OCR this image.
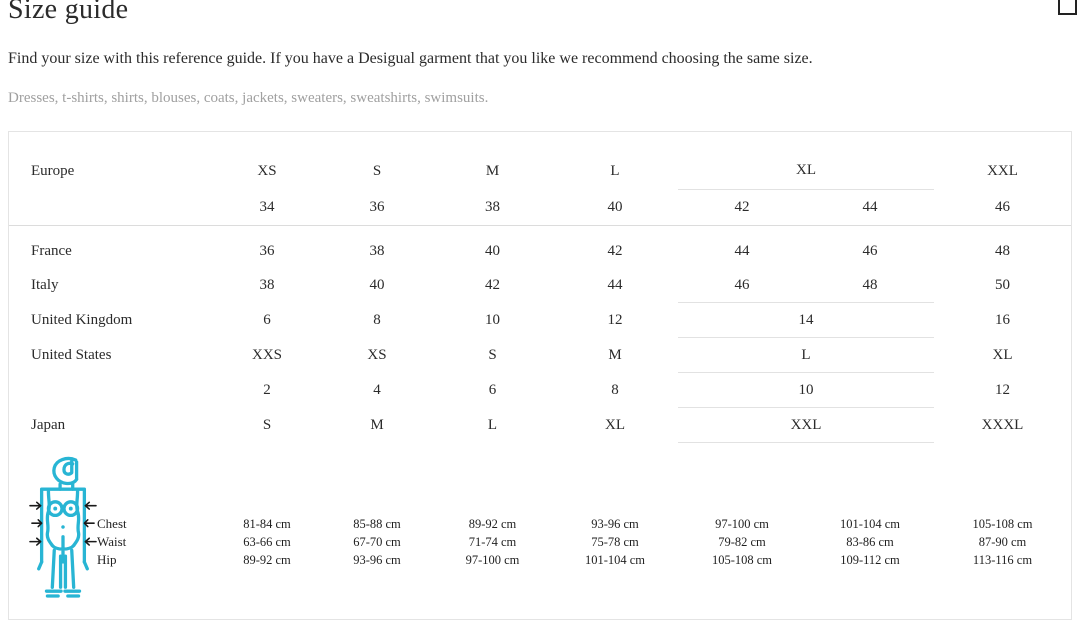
Size guide

Find your size with this reference guide. If you have a Desigual garment that you like we recommend choosing the same size.

Dresses, t-shirts, shirts, blouses, coats, jackets, sweaters, sweatshirts, swimsuits.

Europe	XS	S	M	L	XL		XXL
	34	36	38	40	42	44	46

France	36	38	40	42	44	46	48
Italy	38	40	42	44	46	48	50
United Kingdom	6	8	10	12	14		16
United States	XXS	XS	S	M	L		XL
	2	4	6	8	10		12
Japan	S	M	L	XL	XXL		XXXL
Chest	81-84 cm	85-88 cm	89-92 cm	93-96 cm	97-100 cm	101-104 cm	105-108 cm
Waist	63-66 cm	67-70 cm	71-74 cm	75-78 cm	79-82 cm	83-86 cm	87-90 cm
Hip	89-92 cm	93-96 cm	97-100 cm	101-104 cm	105-108 cm	109-112 cm	113-116 cm
